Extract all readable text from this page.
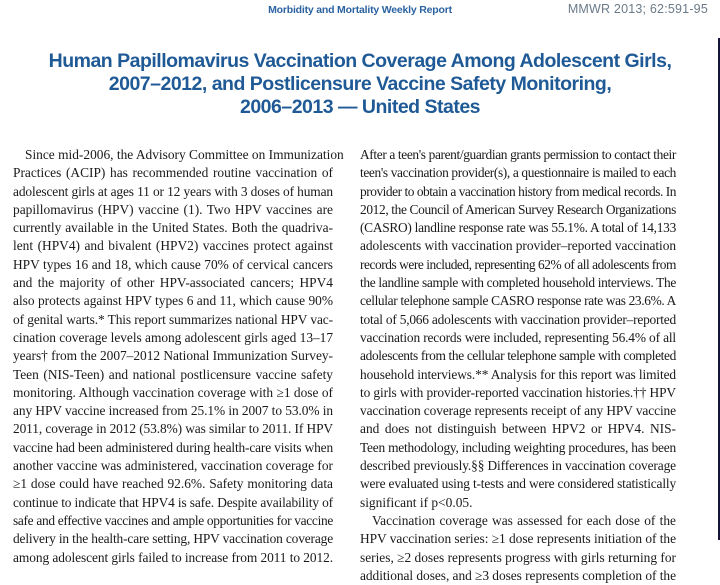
Morbidity and Mortality Weekly Report	MMWR 2013; 62:591-95
Human Papillomavirus Vaccination Coverage Among Adolescent Girls,
2007–2012, and Postlicensure Vaccine Safety Monitoring,
2006–2013 — United States
Since mid-2006, the Advisory Committee on Immunization
Practices (ACIP) has recommended routine vaccination of
adolescent girls at ages 11 or 12 years with 3 doses of human
papillomavirus (HPV) vaccine (1). Two HPV vaccines are
currently available in the United States. Both the quadriva-
lent (HPV4) and bivalent (HPV2) vaccines protect against
HPV types 16 and 18, which cause 70% of cervical cancers
and the majority of other HPV-associated cancers; HPV4
also protects against HPV types 6 and 11, which cause 90%
of genital warts.* This report summarizes national HPV vac-
cination coverage levels among adolescent girls aged 13–17
years† from the 2007–2012 National Immunization Survey-
Teen (NIS-Teen) and national postlicensure vaccine safety
monitoring. Although vaccination coverage with ≥1 dose of
any HPV vaccine increased from 25.1% in 2007 to 53.0% in
2011, coverage in 2012 (53.8%) was similar to 2011. If HPV
vaccine had been administered during health-care visits when
another vaccine was administered, vaccination coverage for
≥1 dose could have reached 92.6%. Safety monitoring data
continue to indicate that HPV4 is safe. Despite availability of
safe and effective vaccines and ample opportunities for vaccine
delivery in the health-care setting, HPV vaccination coverage
among adolescent girls failed to increase from 2011 to 2012.
After a teen's parent/guardian grants permission to contact their
teen's vaccination provider(s), a questionnaire is mailed to each
provider to obtain a vaccination history from medical records. In
2012, the Council of American Survey Research Organizations
(CASRO) landline response rate was 55.1%. A total of 14,133
adolescents with vaccination provider–reported vaccination
records were included, representing 62% of all adolescents from
the landline sample with completed household interviews. The
cellular telephone sample CASRO response rate was 23.6%. A
total of 5,066 adolescents with vaccination provider–reported
vaccination records were included, representing 56.4% of all
adolescents from the cellular telephone sample with completed
household interviews.** Analysis for this report was limited
to girls with provider-reported vaccination histories.†† HPV
vaccination coverage represents receipt of any HPV vaccine
and does not distinguish between HPV2 or HPV4. NIS-
Teen methodology, including weighting procedures, has been
described previously.§§ Differences in vaccination coverage
were evaluated using t-tests and were considered statistically
significant if p<0.05.
Vaccination coverage was assessed for each dose of the
HPV vaccination series: ≥1 dose represents initiation of the
series, ≥2 doses represents progress with girls returning for
additional doses, and ≥3 doses represents completion of the
